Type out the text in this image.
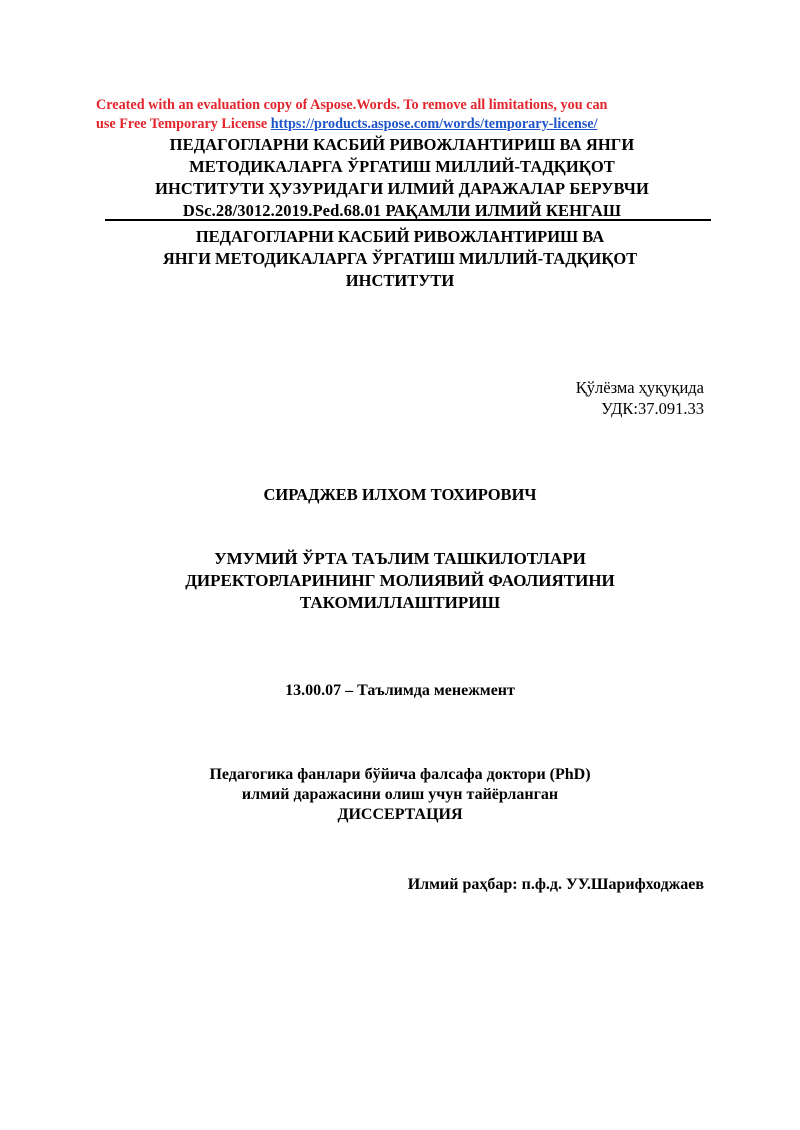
Created with an evaluation copy of Aspose.Words. To remove all limitations, you can
use Free Temporary License https://products.aspose.com/words/temporary-license/
ПЕДАГОГЛАРНИ КАСБИЙ РИВОЖЛАНТИРИШ ВА ЯНГИ
МЕТОДИКАЛАРГА ЎРГАТИШ МИЛЛИЙ-ТАДҚИҚОТ
ИНСТИТУТИ ҲУЗУРИДАГИ ИЛМИЙ ДАРАЖАЛАР БЕРУВЧИ
DSc.28/3012.2019.Ped.68.01 РАҚАМЛИ ИЛМИЙ КЕНГАШ
ПЕДАГОГЛАРНИ КАСБИЙ РИВОЖЛАНТИРИШ ВА
ЯНГИ МЕТОДИКАЛАРГА ЎРГАТИШ МИЛЛИЙ-ТАДҚИҚОТ
ИНСТИТУТИ
Қўлёзма ҳуқуқида
УДК:37.091.33
СИРАДЖЕВ ИЛХОМ ТОХИРОВИЧ
УМУМИЙ ЎРТА ТАЪЛИМ ТАШКИЛОТЛАРИ
ДИРЕКТОРЛАРИНИНГ МОЛИЯВИЙ ФАОЛИЯТИНИ
ТАКОМИЛЛАШТИРИШ
13.00.07 – Таълимда менежмент
Педагогика фанлари бўйича фалсафа доктори (PhD)
илмий даражасини олиш учун тайёрланган
ДИССЕРТАЦИЯ
Илмий раҳбар: п.ф.д. УУ.Шарифходжаев
